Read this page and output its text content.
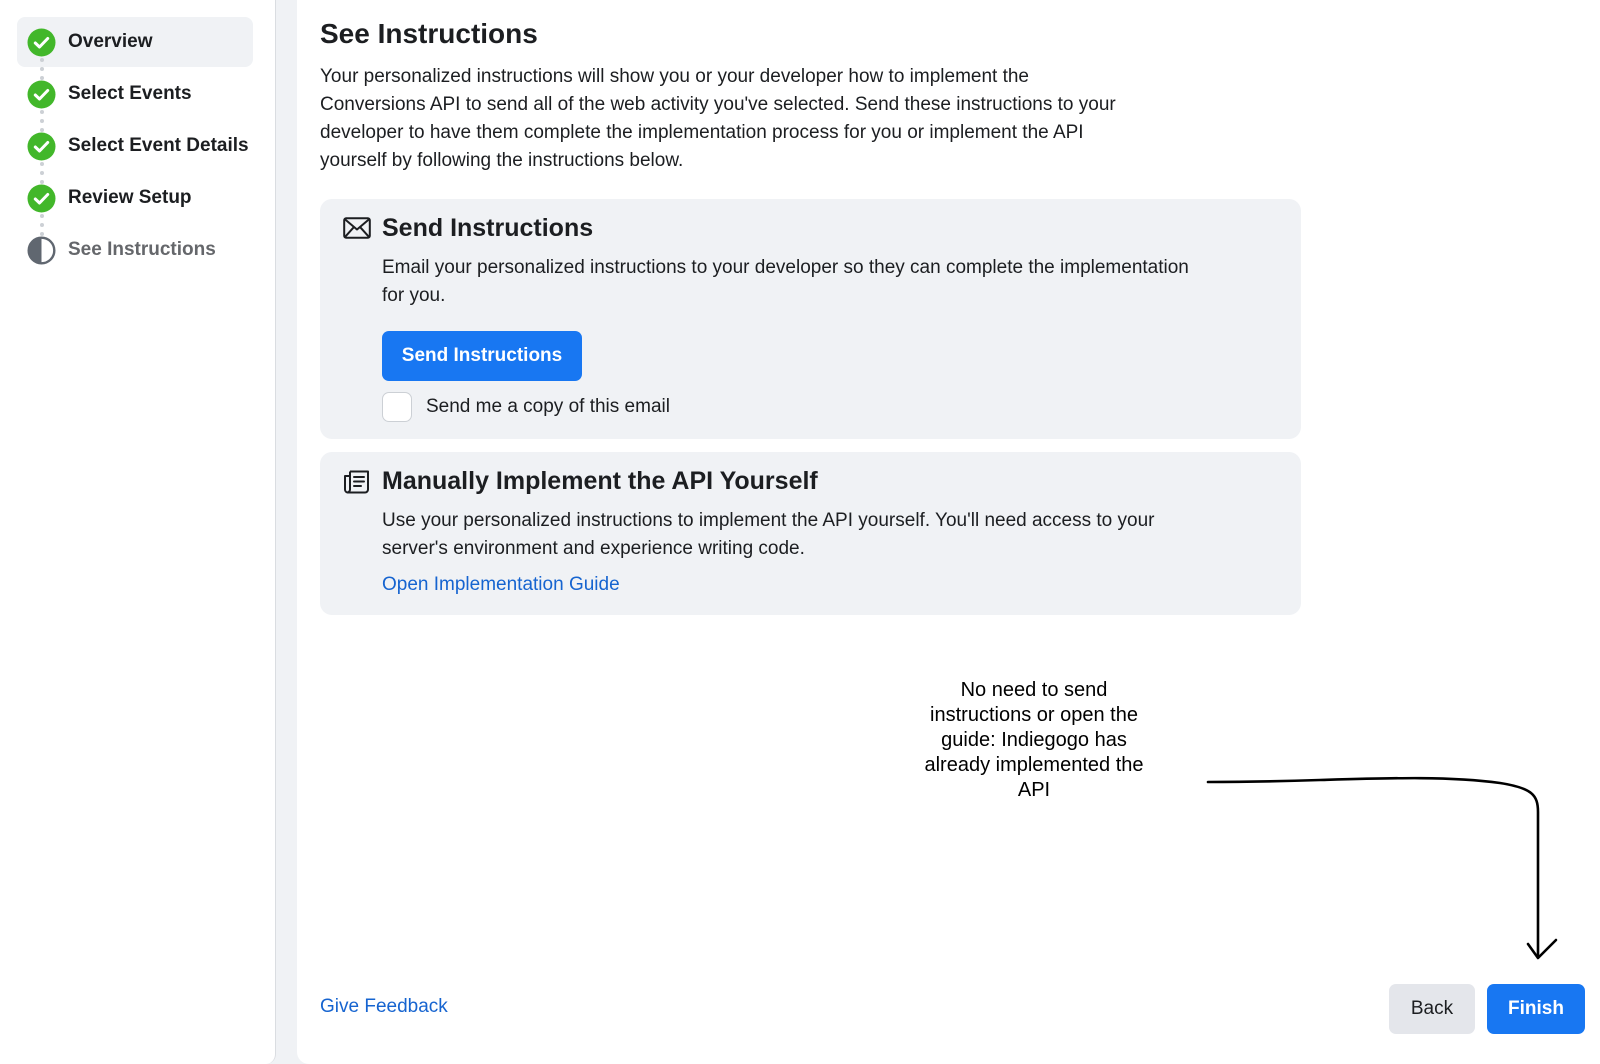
Overview
Select Events
Select Event Details
Review Setup
See Instructions
See Instructions

Your personalized instructions will show you or your developer how to implement the Conversions API to send all of the web activity you've selected. Send these instructions to your developer to have them complete the implementation process for you or implement the API yourself by following the instructions below.

Send Instructions

Email your personalized instructions to your developer so they can complete the implementation for you.

Send Instructions
Send me a copy of this email
Manually Implement the API Yourself

Use your personalized instructions to implement the API yourself. You'll need access to your server's environment and experience writing code.

Open Implementation Guide
No need to send instructions or open the guide: Indiegogo has already implemented the API
Give Feedback	Back	Finish
